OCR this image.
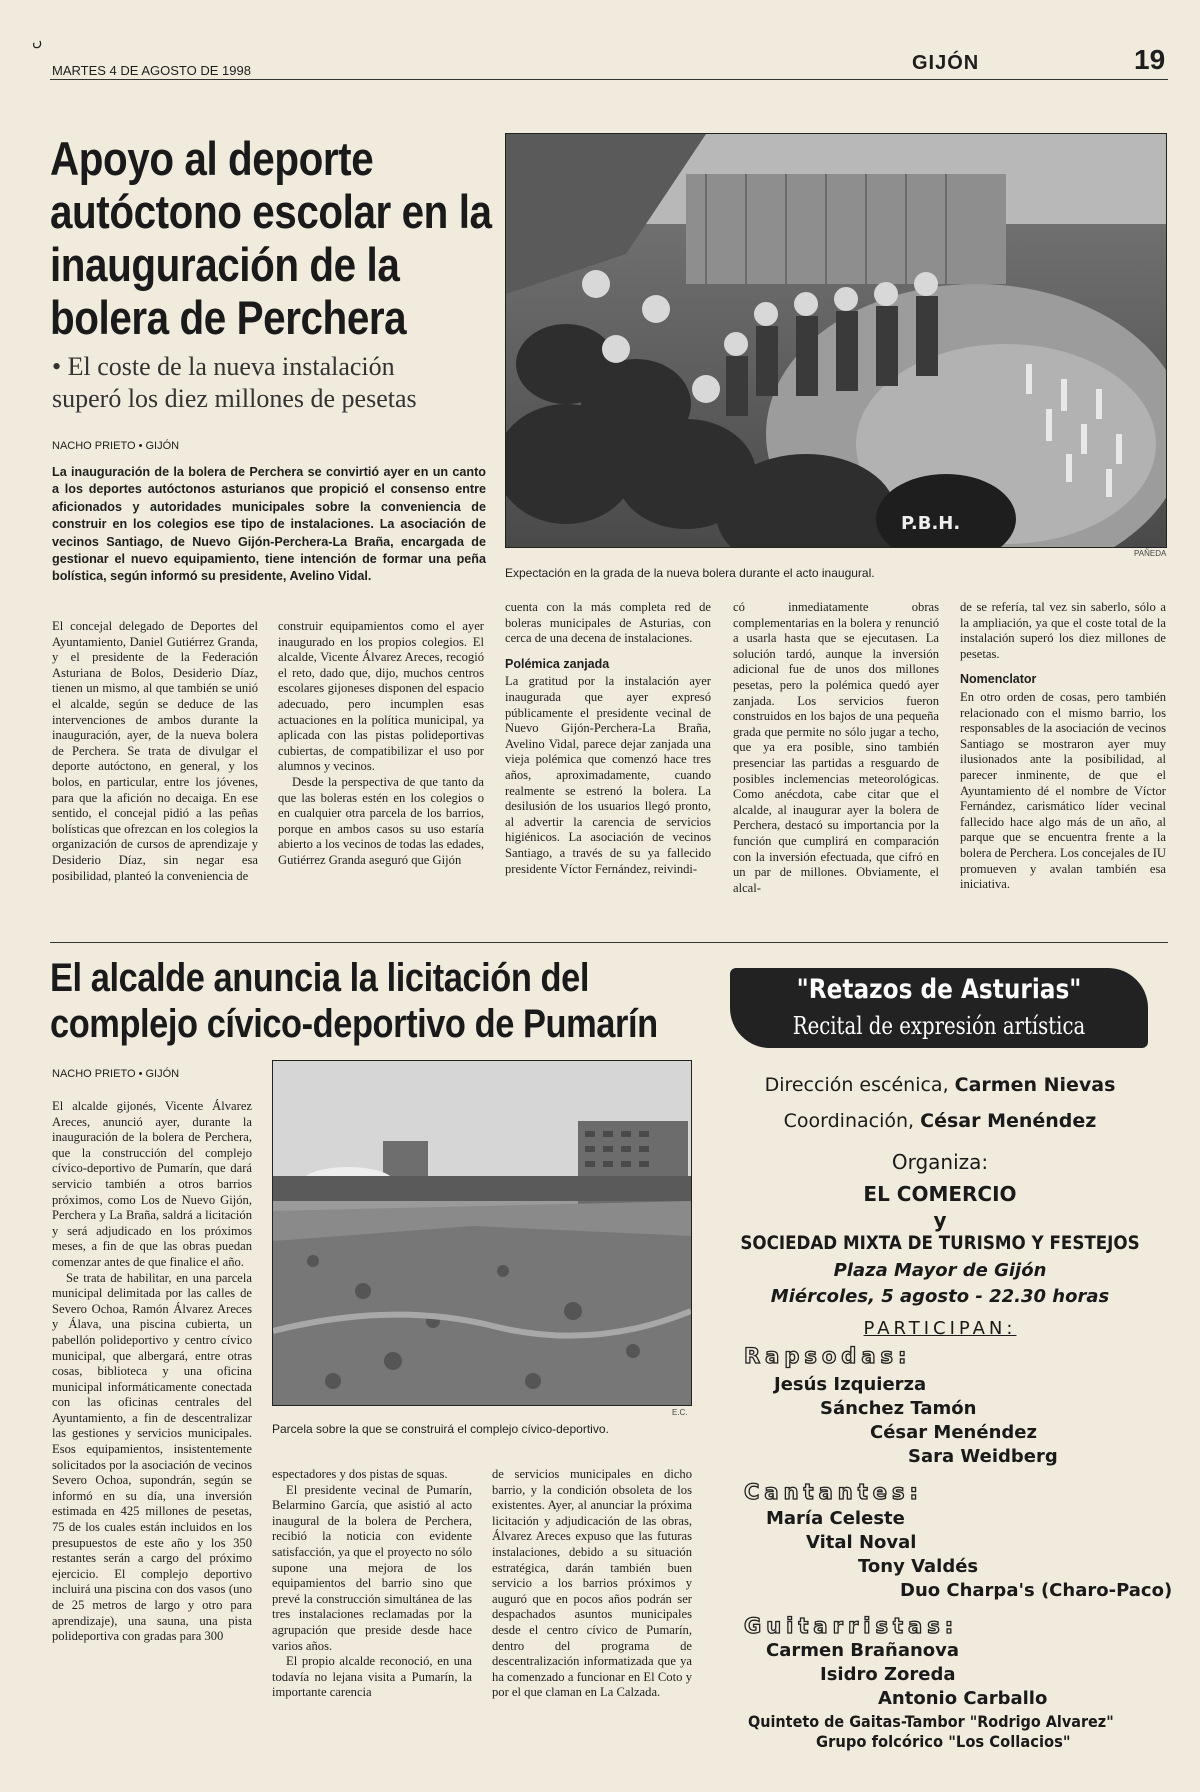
ں
MARTES 4 DE AGOSTO DE 1998	GIJÓN	19
Apoyo al deporte autóctono escolar en la inauguración de la bolera de Perchera
• El coste de la nueva instalación superó los diez millones de pesetas
NACHO PRIETO • GIJÓN
La inauguración de la bolera de Perchera se convirtió ayer en un canto a los deportes autóctonos asturianos que propició el consenso entre aficionados y autoridades municipales sobre la conveniencia de construir en los colegios ese tipo de instalaciones. La asociación de vecinos Santiago, de Nuevo Gijón-Perchera-La Braña, encargada de gestionar el nuevo equipamiento, tiene intención de formar una peña bolística, según informó su presidente, Avelino Vidal.
P.B.H.
PAÑEDA
Expectación en la grada de la nueva bolera durante el acto inaugural.

El concejal delegado de Deportes del Ayuntamiento, Daniel Gutiérrez Granda, y el presidente de la Federación Asturiana de Bolos, Desiderio Díaz, tienen un mismo, al que también se unió el alcalde, según se deduce de las intervenciones de ambos durante la inauguración, ayer, de la nueva bolera de Perchera. Se trata de divulgar el deporte autóctono, en general, y los bolos, en particular, entre los jóvenes, para que la afición no decaiga. En ese sentido, el concejal pidió a las peñas bolísticas que ofrezcan en los colegios la organización de cursos de aprendizaje y Desiderio Díaz, sin negar esa posibilidad, planteó la conveniencia de

construir equipamientos como el ayer inaugurado en los propios colegios. El alcalde, Vicente Álvarez Areces, recogió el reto, dado que, dijo, muchos centros escolares gijoneses disponen del espacio adecuado, pero incumplen esas actuaciones en la política municipal, ya aplicada con las pistas polideportivas cubiertas, de compatibilizar el uso por alumnos y vecinos.

Desde la perspectiva de que tanto da que las boleras estén en los colegios o en cualquier otra parcela de los barrios, porque en ambos casos su uso estaría abierto a los vecinos de todas las edades, Gutiérrez Granda aseguró que Gijón

cuenta con la más completa red de boleras municipales de Asturias, con cerca de una decena de instalaciones.

Polémica zanjada

La gratitud por la instalación ayer inaugurada que ayer expresó públicamente el presidente vecinal de Nuevo Gijón-Perchera-La Braña, Avelino Vidal, parece dejar zanjada una vieja polémica que comenzó hace tres años, aproximadamente, cuando realmente se estrenó la bolera. La desilusión de los usuarios llegó pronto, al advertir la carencia de servicios higiénicos. La asociación de vecinos Santiago, a través de su ya fallecido presidente Víctor Fernández, reivindi-

có inmediatamente obras complementarias en la bolera y renunció a usarla hasta que se ejecutasen. La solución tardó, aunque la inversión adicional fue de unos dos millones pesetas, pero la polémica quedó ayer zanjada. Los servicios fueron construidos en los bajos de una pequeña grada que permite no sólo jugar a techo, que ya era posible, sino también presenciar las partidas a resguardo de posibles inclemencias meteorológicas. Como anécdota, cabe citar que el alcalde, al inaugurar ayer la bolera de Perchera, destacó su importancia por la función que cumplirá en comparación con la inversión efectuada, que cifró en un par de millones. Obviamente, el alcal-

de se refería, tal vez sin saberlo, sólo a la ampliación, ya que el coste total de la instalación superó los diez millones de pesetas.

Nomenclator

En otro orden de cosas, pero también relacionado con el mismo barrio, los responsables de la asociación de vecinos Santiago se mostraron ayer muy ilusionados ante la posibilidad, al parecer inminente, de que el Ayuntamiento dé el nombre de Víctor Fernández, carismático líder vecinal fallecido hace algo más de un año, al parque que se encuentra frente a la bolera de Perchera. Los concejales de IU promueven y avalan también esa iniciativa.

El alcalde anuncia la licitación del complejo cívico-deportivo de Pumarín
NACHO PRIETO • GIJÓN
E.C.
Parcela sobre la que se construirá el complejo cívico-deportivo.

El alcalde gijonés, Vicente Álvarez Areces, anunció ayer, durante la inauguración de la bolera de Perchera, que la construcción del complejo cívico-deportivo de Pumarín, que dará servicio también a otros barrios próximos, como Los de Nuevo Gijón, Perchera y La Braña, saldrá a licitación y será adjudicado en los próximos meses, a fin de que las obras puedan comenzar antes de que finalice el año.

Se trata de habilitar, en una parcela municipal delimitada por las calles de Severo Ochoa, Ramón Álvarez Areces y Álava, una piscina cubierta, un pabellón polideportivo y centro cívico municipal, que albergará, entre otras cosas, biblioteca y una oficina municipal informáticamente conectada con las oficinas centrales del Ayuntamiento, a fin de descentralizar las gestiones y servicios municipales. Esos equipamientos, insistentemente solicitados por la asociación de vecinos Severo Ochoa, supondrán, según se informó en su día, una inversión estimada en 425 millones de pesetas, 75 de los cuales están incluidos en los presupuestos de este año y los 350 restantes serán a cargo del próximo ejercicio. El complejo deportivo incluirá una piscina con dos vasos (uno de 25 metros de largo y otro para aprendizaje), una sauna, una pista polideportiva con gradas para 300

espectadores y dos pistas de squas.

El presidente vecinal de Pumarín, Belarmino García, que asistió al acto inaugural de la bolera de Perchera, recibió la noticia con evidente satisfacción, ya que el proyecto no sólo supone una mejora de los equipamientos del barrio sino que prevé la construcción simultánea de las tres instalaciones reclamadas por la agrupación que preside desde hace varios años.

El propio alcalde reconoció, en una todavía no lejana visita a Pumarín, la importante carencia

de servicios municipales en dicho barrio, y la condición obsoleta de los existentes. Ayer, al anunciar la próxima licitación y adjudicación de las obras, Álvarez Areces expuso que las futuras instalaciones, debido a su situación estratégica, darán también buen servicio a los barrios próximos y auguró que en pocos años podrán ser despachados asuntos municipales desde el centro cívico de Pumarín, dentro del programa de descentralización informatizada que ya ha comenzado a funcionar en El Coto y por el que claman en La Calzada.

"Retazos de Asturias"
Recital de expresión artística
Dirección escénica, Carmen Nievas
Coordinación, César Menéndez
Organiza:
EL COMERCIO
y
SOCIEDAD MIXTA DE TURISMO Y FESTEJOS
Plaza Mayor de Gijón
Miércoles, 5 agosto - 22.30 horas
PARTICIPAN:
Rapsodas:
Jesús Izquierza
Sánchez Tamón
César Menéndez
Sara Weidberg
Cantantes:
María Celeste
Vital Noval
Tony Valdés
Duo Charpa's (Charo-Paco)
Guitarristas:
Carmen Brañanova
Isidro Zoreda
Antonio Carballo
Quinteto de Gaitas-Tambor "Rodrigo Alvarez"
Grupo folcórico "Los Collacios"
